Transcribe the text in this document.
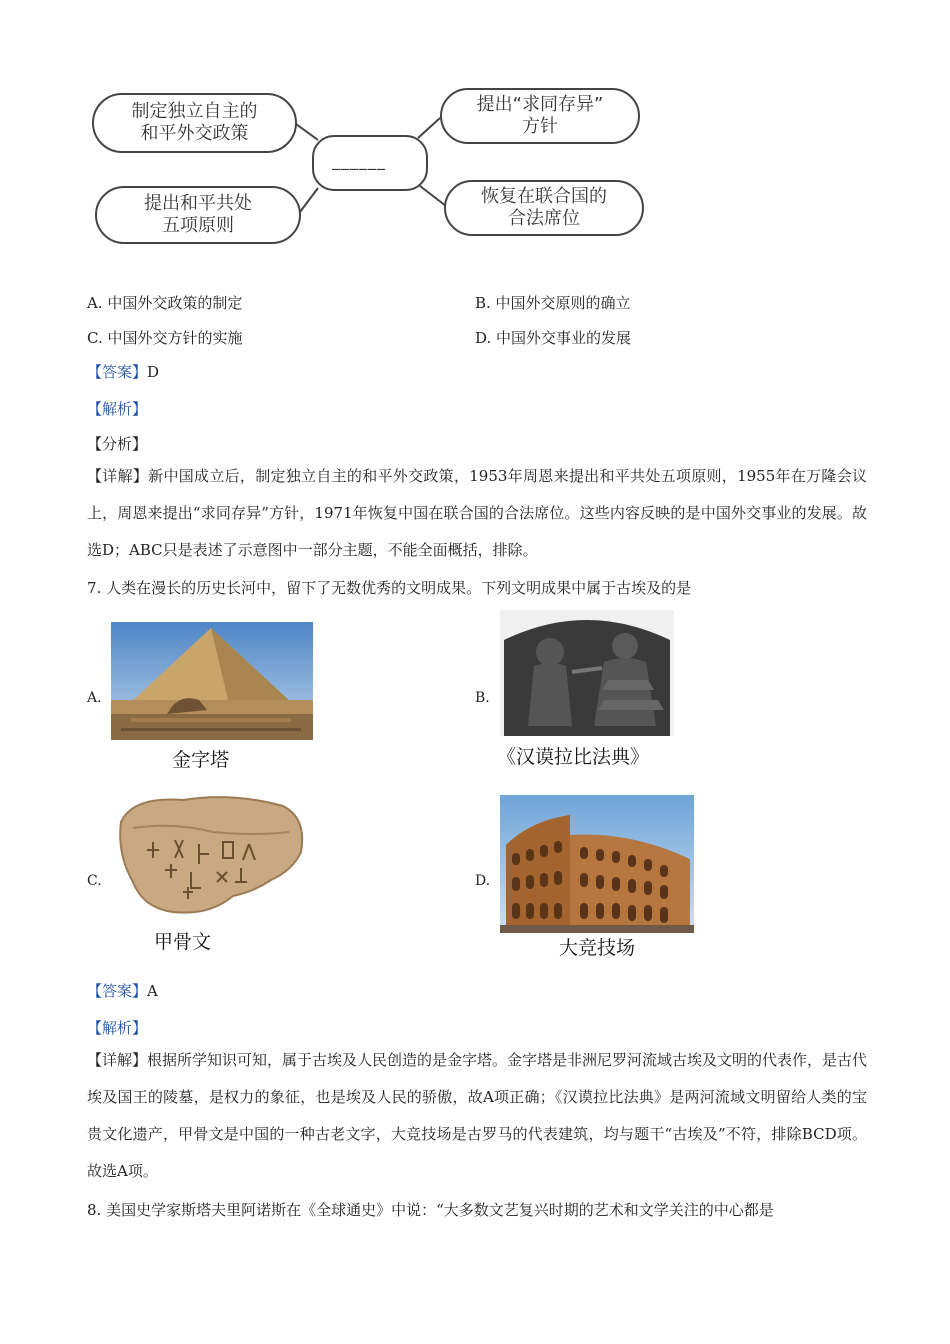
制定独立自主的
和平外交政策
提出“求同存异”
方针
提出和平共处
五项原则
恢复在联合国的
合法席位
______
A. 中国外交政策的制定	B. 中国外交原则的确立
C. 中国外交方针的实施	D. 中国外交事业的发展
【答案】D
【解析】
【分析】
【详解】新中国成立后，制定独立自主的和平外交政策，1953年周恩来提出和平共处五项原则，1955年在万隆会议上，周恩来提出“求同存异”方针，1971年恢复中国在联合国的合法席位。这些内容反映的是中国外交事业的发展。故选D；ABC只是表述了示意图中一部分主题，不能全面概括，排除。
7. 人类在漫长的历史长河中，留下了无数优秀的文明成果。下列文明成果中属于古埃及的是
A.
金字塔
B.
《汉谟拉比法典》
C.
甲骨文
D.
大竞技场
【答案】A
【解析】
【详解】根据所学知识可知，属于古埃及人民创造的是金字塔。金字塔是非洲尼罗河流域古埃及文明的代表作，是古代埃及国王的陵墓，是权力的象征，也是埃及人民的骄傲，故A项正确；《汉谟拉比法典》是两河流域文明留给人类的宝贵文化遗产，甲骨文是中国的一种古老文字，大竞技场是古罗马的代表建筑，均与题干“古埃及”不符，排除BCD项。故选A项。
8. 美国史学家斯塔夫里阿诺斯在《全球通史》中说：“大多数文艺复兴时期的艺术和文学关注的中心都是
